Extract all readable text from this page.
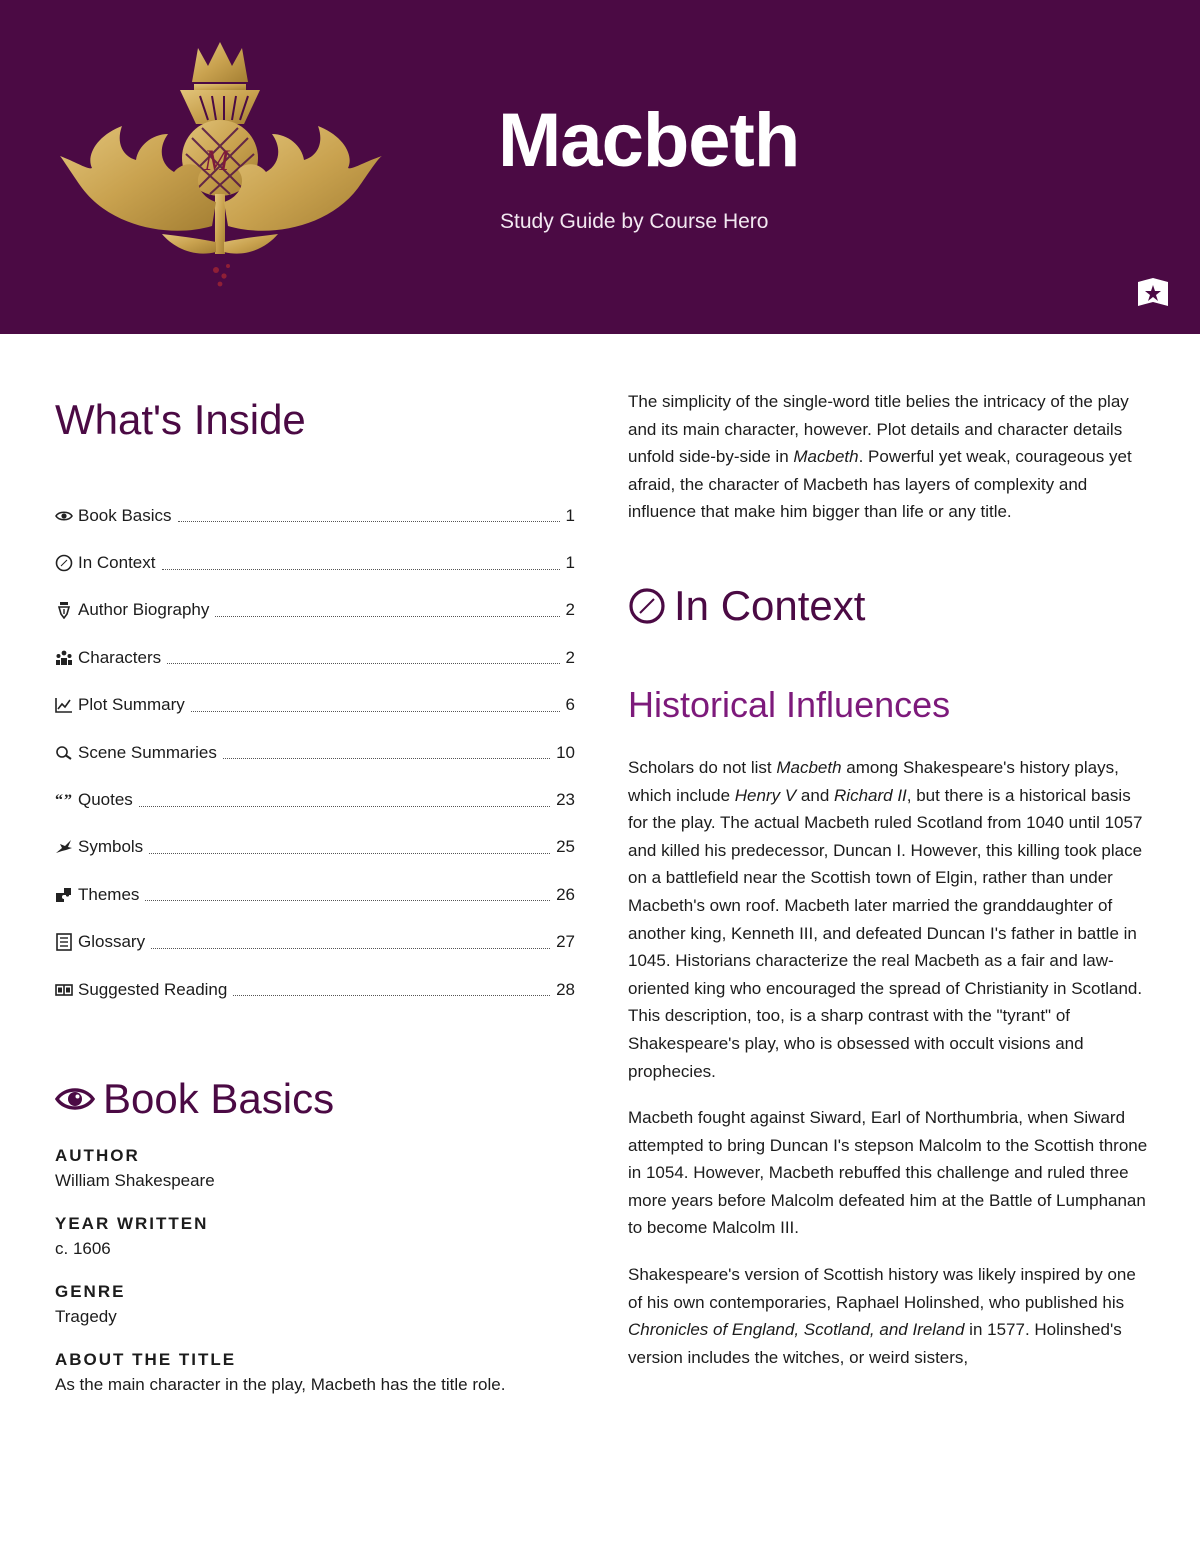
M	Macbeth
Study Guide by Course Hero
What's Inside
Book Basics	1
In Context	1
Author Biography	2
Characters	2
Plot Summary	6
Scene Summaries	10
“ ” Quotes	23
Symbols	25
Themes	26
Glossary	27
Suggested Reading	28
Book Basics
AUTHOR
William Shakespeare
YEAR WRITTEN
c. 1606
GENRE
Tragedy
ABOUT THE TITLE
As the main character in the play, Macbeth has the title role.

The simplicity of the single-word title belies the intricacy of the play and its main character, however. Plot details and character details unfold side-by-side in Macbeth. Powerful yet weak, courageous yet afraid, the character of Macbeth has layers of complexity and influence that make him bigger than life or any title.

In Context
Historical Influences

Scholars do not list Macbeth among Shakespeare's history plays, which include Henry V and Richard II, but there is a historical basis for the play. The actual Macbeth ruled Scotland from 1040 until 1057 and killed his predecessor, Duncan I. However, this killing took place on a battlefield near the Scottish town of Elgin, rather than under Macbeth's own roof. Macbeth later married the granddaughter of another king, Kenneth III, and defeated Duncan I's father in battle in 1045. Historians characterize the real Macbeth as a fair and law-oriented king who encouraged the spread of Christianity in Scotland. This description, too, is a sharp contrast with the "tyrant" of Shakespeare's play, who is obsessed with occult visions and prophecies.

Macbeth fought against Siward, Earl of Northumbria, when Siward attempted to bring Duncan I's stepson Malcolm to the Scottish throne in 1054. However, Macbeth rebuffed this challenge and ruled three more years before Malcolm defeated him at the Battle of Lumphanan to become Malcolm III.

Shakespeare's version of Scottish history was likely inspired by one of his own contemporaries, Raphael Holinshed, who published his Chronicles of England, Scotland, and Ireland in 1577. Holinshed's version includes the witches, or weird sisters,
